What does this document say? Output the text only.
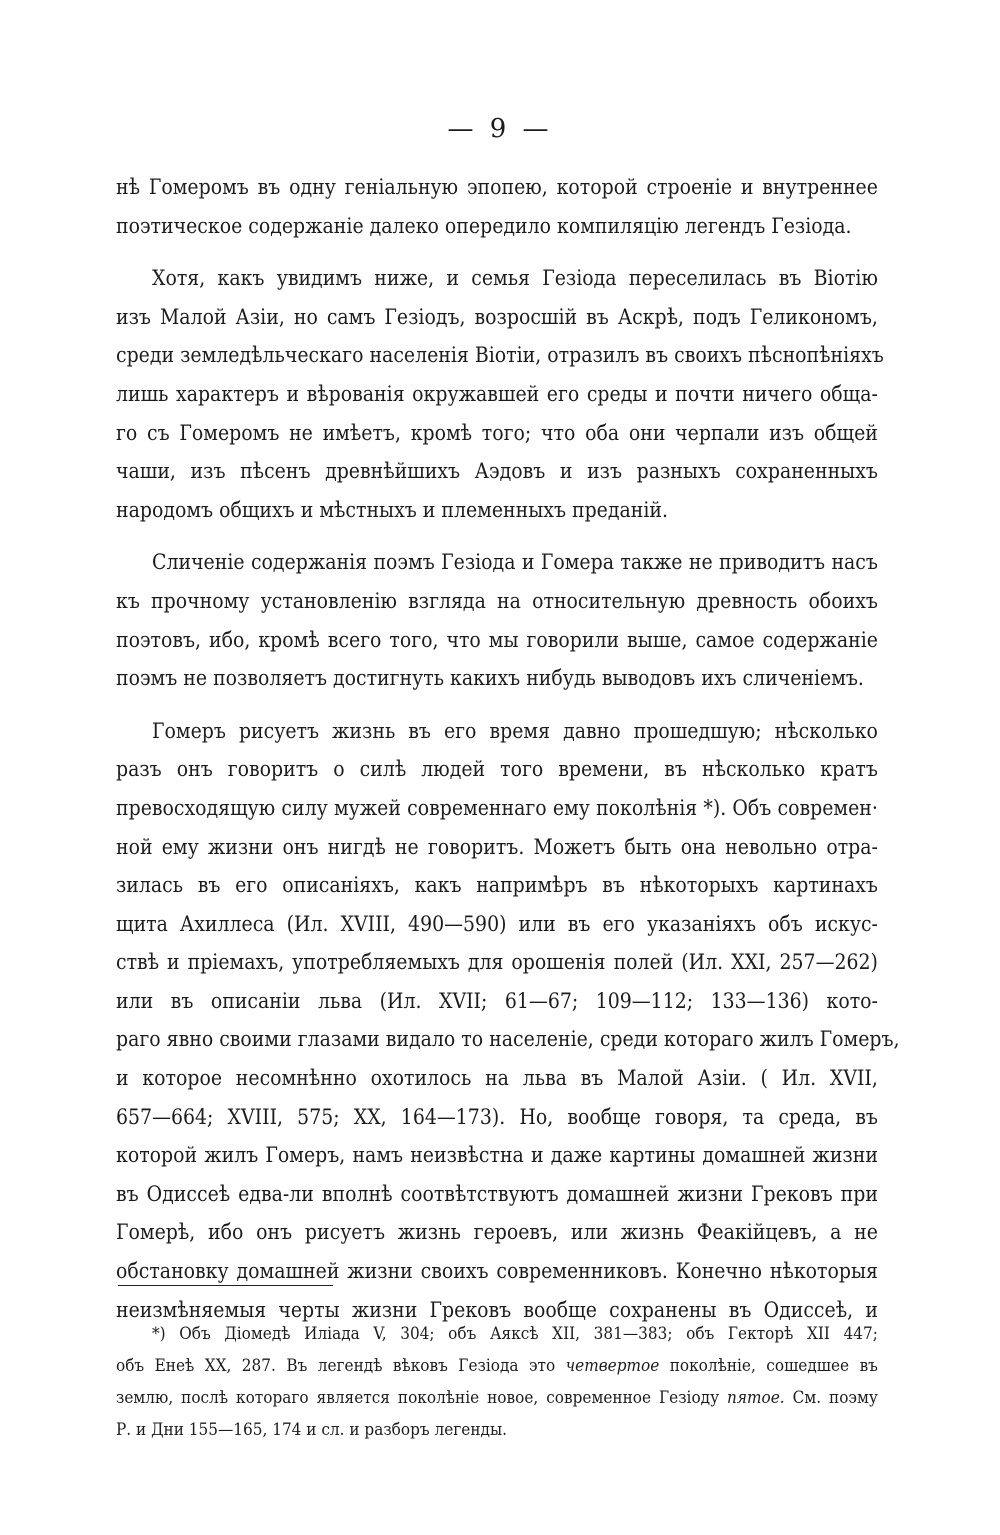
— 9 —
нѣ Гомеромъ въ одну геніальную эпопею, которой строеніе и внутреннее
поэтическое содержаніе далеко опередило компиляцію легендъ Гезіода.
Хотя, какъ увидимъ ниже, и семья Гезіода переселилась въ Віотію
изъ Малой Азіи, но самъ Гезіодъ, возросшій въ Аскрѣ, подъ Геликономъ,
среди земледѣльческаго населенія Віотіи, отразилъ въ своихъ пѣснопѣніяхъ
лишь характеръ и вѣрованія окружавшей его среды и почти ничего обща-
го съ Гомеромъ не имѣетъ, кромѣ того; что оба они черпали изъ общей
чаши, изъ пѣсенъ древнѣйшихъ Аэдовъ и изъ разныхъ сохраненныхъ
народомъ общихъ и мѣстныхъ и племенныхъ преданій.
Сличеніе содержанія поэмъ Гезіода и Гомера также не приводитъ насъ
къ прочному установленію взгляда на относительную древность обоихъ
поэтовъ, ибо, кромѣ всего того, что мы говорили выше, самое содержаніе
поэмъ не позволяетъ достигнуть какихъ нибудь выводовъ ихъ сличеніемъ.
Гомеръ рисуетъ жизнь въ его время давно прошедшую; нѣсколько
разъ онъ говоритъ о силѣ людей того времени, въ нѣсколько кратъ
превосходящую силу мужей современнаго ему поколѣнія *). Объ современ·
ной ему жизни онъ нигдѣ не говоритъ. Можетъ быть она невольно отра-
зилась въ его описаніяхъ, какъ напримѣръ въ нѣкоторыхъ картинахъ
щита Ахиллеса (Ил. XVIII, 490—590) или въ его указаніяхъ объ искус-
ствѣ и пріемахъ, употребляемыхъ для орошенія полей (Ил. XXI, 257—262)
или въ описаніи льва (Ил. XVII; 61—67; 109—112; 133—136) кото-
раго явно своими глазами видало то населеніе, среди котораго жилъ Гомеръ,
и которое несомнѣнно охотилось на льва въ Малой Азіи. ( Ил. XVII,
657—664; XVIII, 575; XX, 164—173). Но, вообще говоря, та среда, въ
которой жилъ Гомеръ, намъ неизвѣстна и даже картины домашней жизни
въ Одиссеѣ едва-ли вполнѣ соотвѣтствуютъ домашней жизни Грековъ при
Гомерѣ, ибо онъ рисуетъ жизнь героевъ, или жизнь Феакійцевъ, а не
обстановку домашней жизни своихъ современниковъ. Конечно нѣкоторыя
неизмѣняемыя черты жизни Грековъ вообще сохранены въ Одиссеѣ, и
*) Объ Діомедѣ Иліада V, 304; объ Аяксѣ XII, 381—383; объ Гекторѣ XII 447;
объ Енеѣ XX, 287. Въ легендѣ вѣковъ Гезіода это четвертое поколѣніе, сошедшее въ
землю, послѣ котораго является поколѣніе новое, современное Гезіоду пятое. См. поэму
Р. и Дни 155—165, 174 и сл. и разборъ легенды.
